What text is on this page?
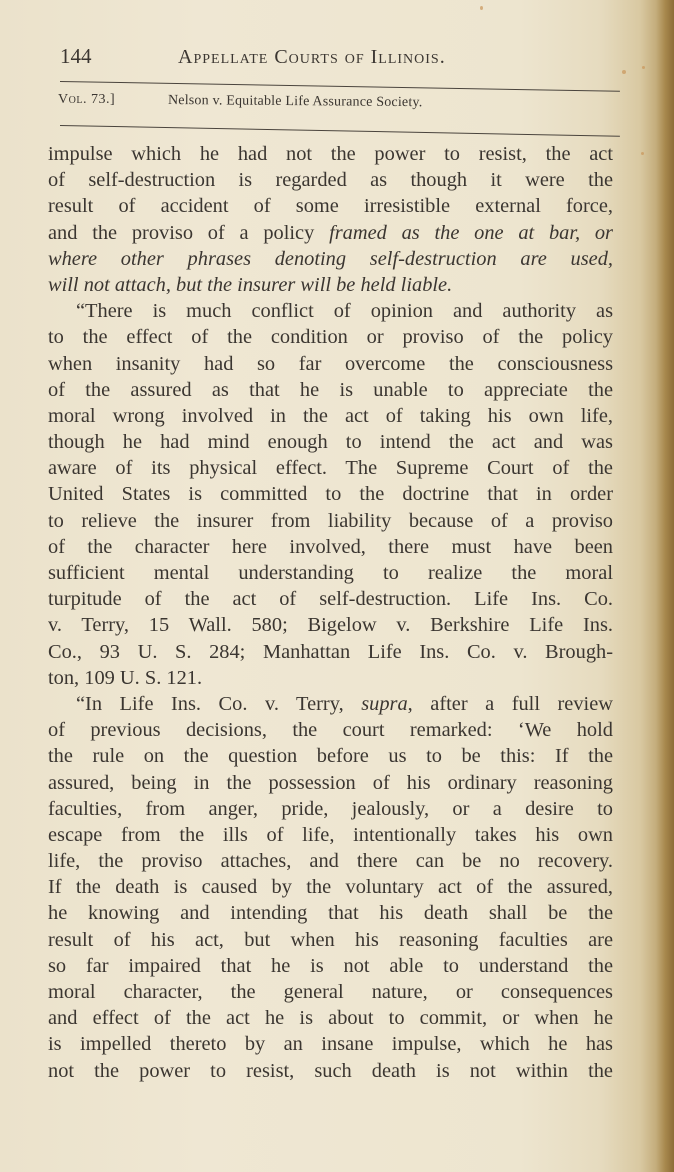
144	Appellate Courts of Illinois.
Vol. 73.]	Nelson v. Equitable Life Assurance Society.
impulse which he had not the power to resist, the act
of self-destruction is regarded as though it were the
result of accident of some irresistible external force,
and the proviso of a policy framed as the one at bar, or
where other phrases denoting self-destruction are used,
will not attach, but the insurer will be held liable.
“There is much conflict of opinion and authority as
to the effect of the condition or proviso of the policy
when insanity had so far overcome the consciousness
of the assured as that he is unable to appreciate the
moral wrong involved in the act of taking his own life,
though he had mind enough to intend the act and was
aware of its physical effect. The Supreme Court of the
United States is committed to the doctrine that in order
to relieve the insurer from liability because of a proviso
of the character here involved, there must have been
sufficient mental understanding to realize the moral
turpitude of the act of self-destruction. Life Ins. Co.
v. Terry, 15 Wall. 580; Bigelow v. Berkshire Life Ins.
Co., 93 U. S. 284; Manhattan Life Ins. Co. v. Brough-
ton, 109 U. S. 121.
“In Life Ins. Co. v. Terry, supra, after a full review
of previous decisions, the court remarked: ‘We hold
the rule on the question before us to be this: If the
assured, being in the possession of his ordinary reasoning
faculties, from anger, pride, jealously, or a desire to
escape from the ills of life, intentionally takes his own
life, the proviso attaches, and there can be no recovery.
If the death is caused by the voluntary act of the assured,
he knowing and intending that his death shall be the
result of his act, but when his reasoning faculties are
so far impaired that he is not able to understand the
moral character, the general nature, or consequences
and effect of the act he is about to commit, or when he
is impelled thereto by an insane impulse, which he has
not the power to resist, such death is not within the
